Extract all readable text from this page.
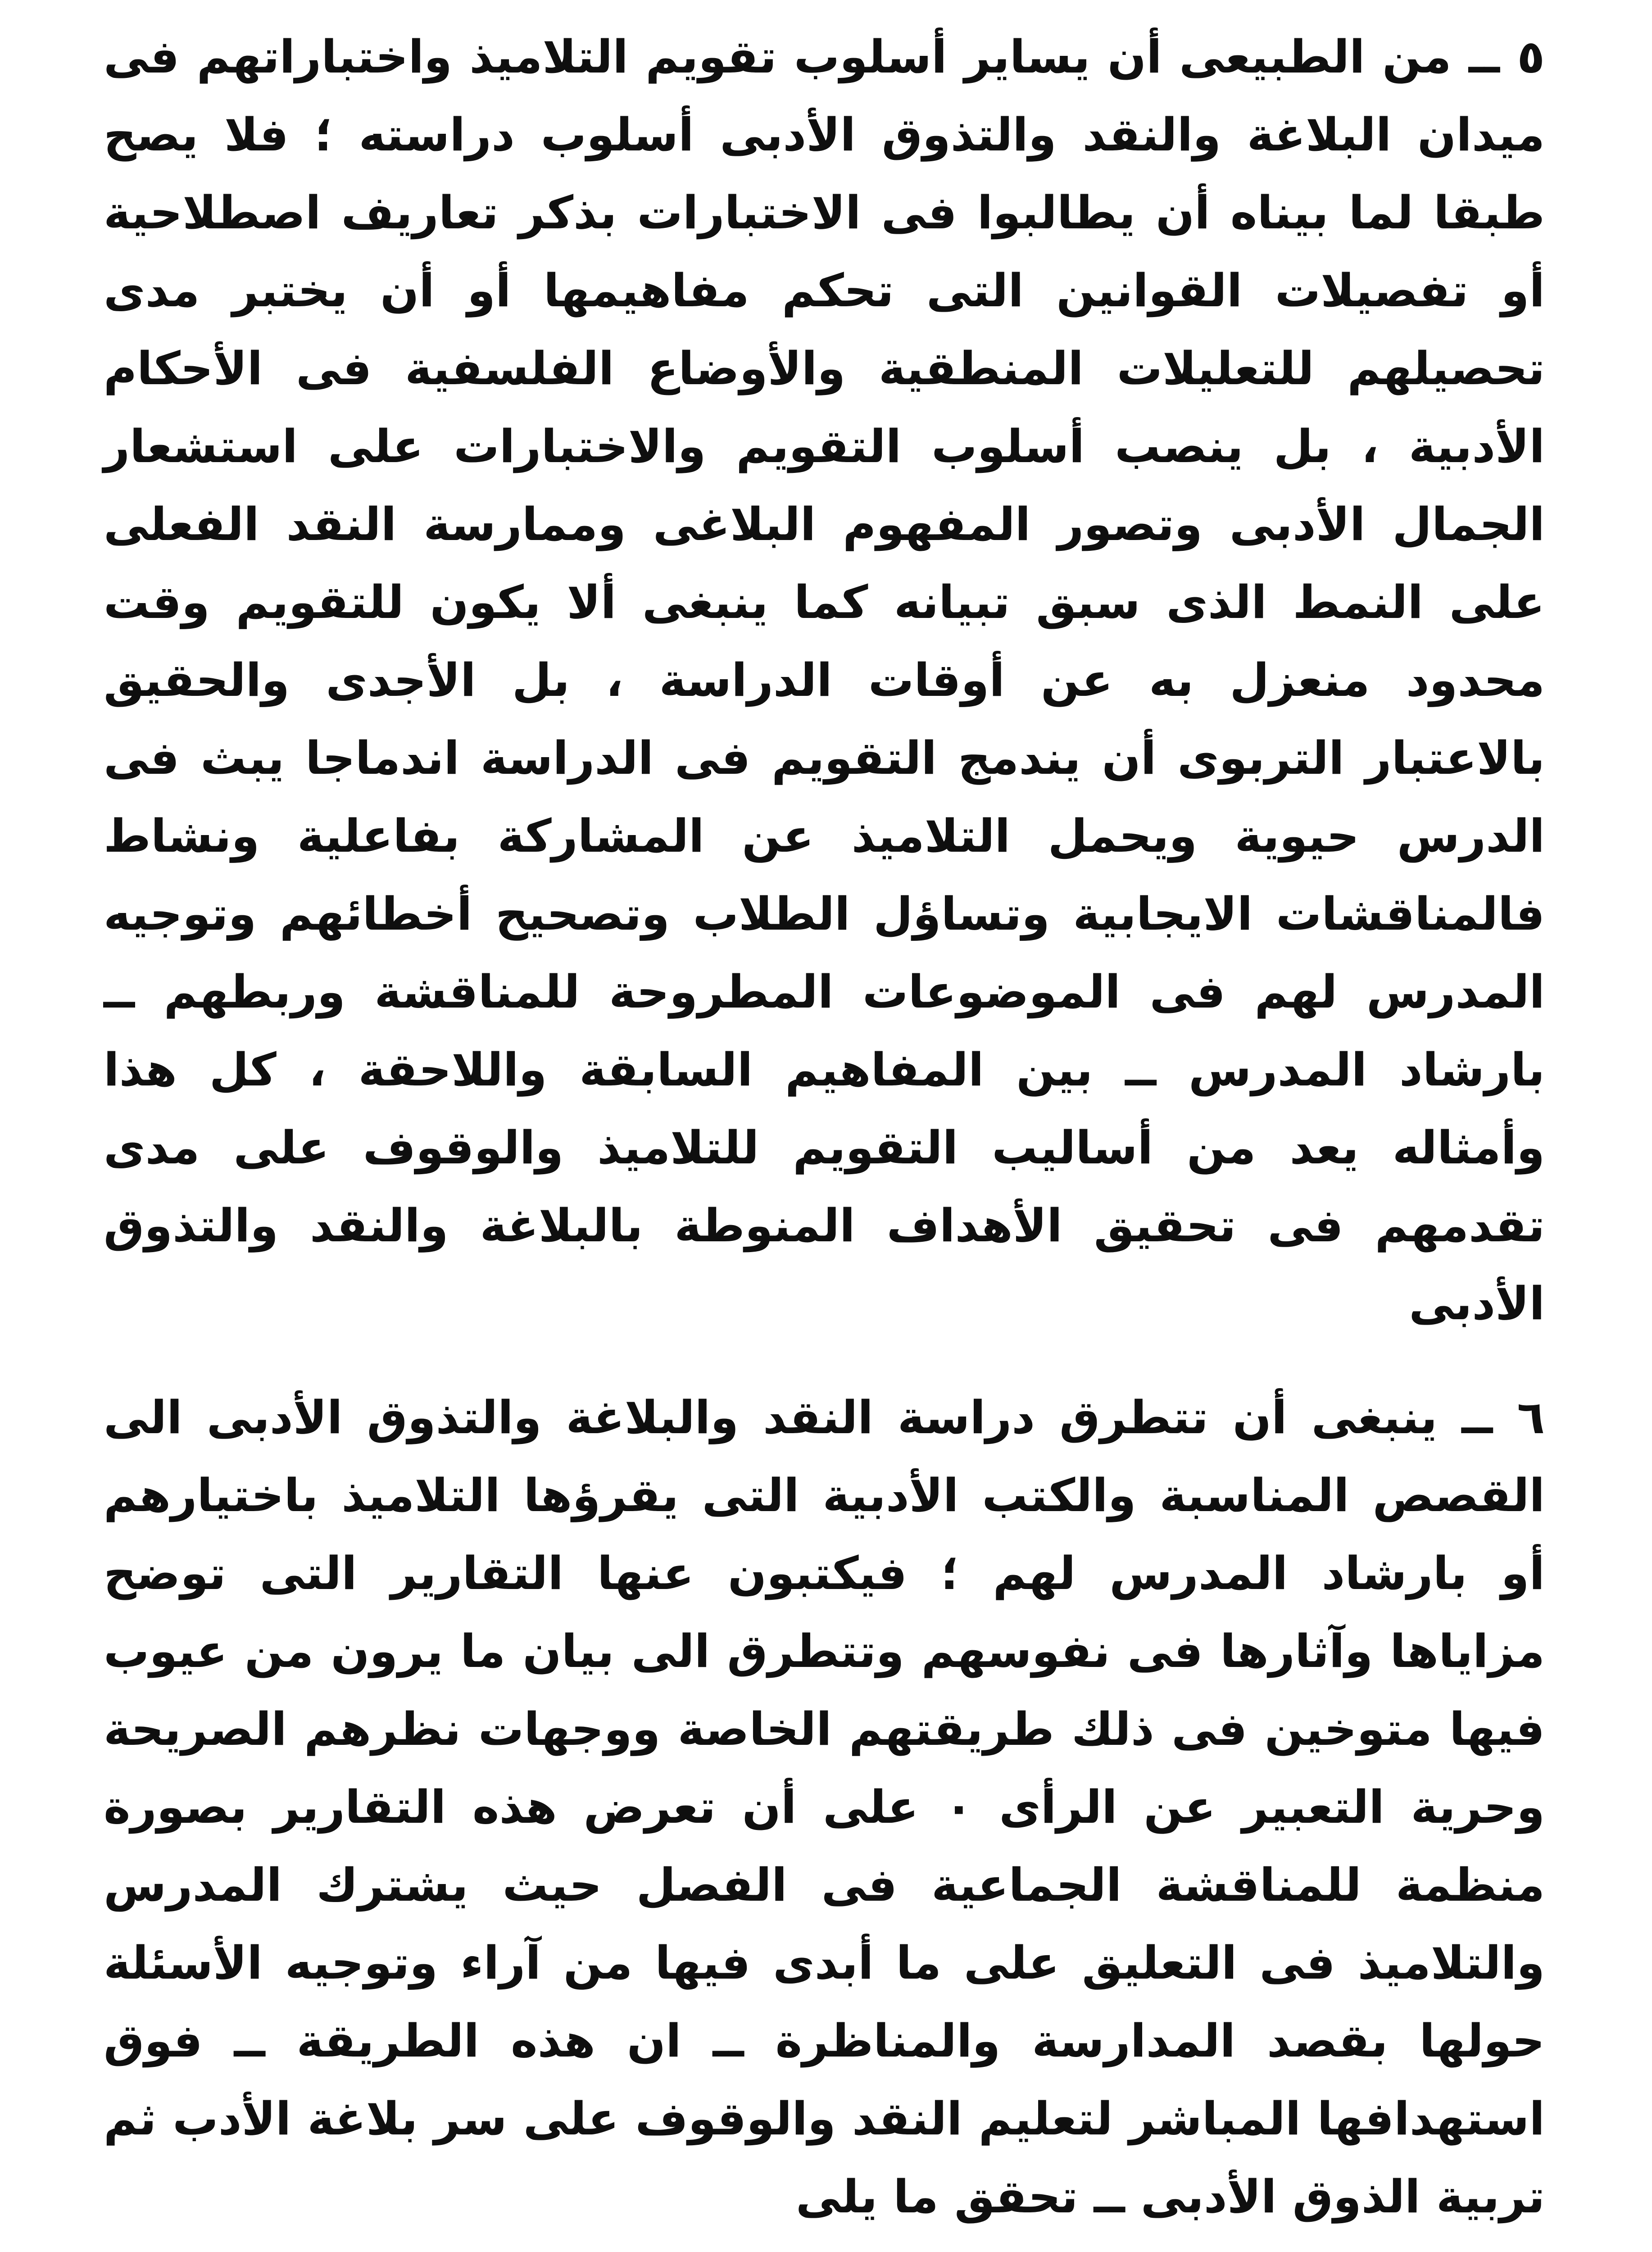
٥ ــ من الطبيعى أن يساير أسلوب تقويم التلاميذ واختباراتهم فى ميدان البلاغة والنقد والتذوق الأدبى أسلوب دراسته ؛ فلا يصح طبقا لما بيناه أن يطالبوا فى الاختبارات بذكر تعاريف اصطلاحية أو تفصيلات القوانين التى تحكم مفاهيمها أو أن يختبر مدى تحصيلهم للتعليلات المنطقية والأوضاع الفلسفية فى الأحكام الأدبية ، بل ينصب أسلوب التقويم والاختبارات على استشعار الجمال الأدبى وتصور المفهوم البلاغى وممارسة النقد الفعلى على النمط الذى سبق تبيانه كما ينبغى ألا يكون للتقويم وقت محدود منعزل به عن أوقات الدراسة ، بل الأجدى والحقيق بالاعتبار التربوى أن يندمج التقويم فى الدراسة اندماجا يبث فى الدرس حيوية ويحمل التلاميذ عن المشاركة بفاعلية ونشاط فالمناقشات الايجابية وتساؤل الطلاب وتصحيح أخطائهم وتوجيه المدرس لهم فى الموضوعات المطروحة للمناقشة وربطهم ــ بارشاد المدرس ــ بين المفاهيم السابقة واللاحقة ، كل هذا وأمثاله يعد من أساليب التقويم للتلاميذ والوقوف على مدى تقدمهم فى تحقيق الأهداف المنوطة بالبلاغة والنقد والتذوق الأدبى

٦ ــ ينبغى أن تتطرق دراسة النقد والبلاغة والتذوق الأدبى الى القصص المناسبة والكتب الأدبية التى يقرؤها التلاميذ باختيارهم أو بارشاد المدرس لهم ؛ فيكتبون عنها التقارير التى توضح مزاياها وآثارها فى نفوسهم وتتطرق الى بيان ما يرون من عيوب فيها متوخين فى ذلك طريقتهم الخاصة ووجهات نظرهم الصريحة وحرية التعبير عن الرأى ٠ على أن تعرض هذه التقارير بصورة منظمة للمناقشة الجماعية فى الفصل حيث يشترك المدرس والتلاميذ فى التعليق على ما أبدى فيها من آراء وتوجيه الأسئلة حولها بقصد المدارسة والمناظرة ــ ان هذه الطريقة ــ فوق استهدافها المباشر لتعليم النقد والوقوف على سر بلاغة الأدب ثم تربية الذوق الأدبى ــ تحقق ما يلى
